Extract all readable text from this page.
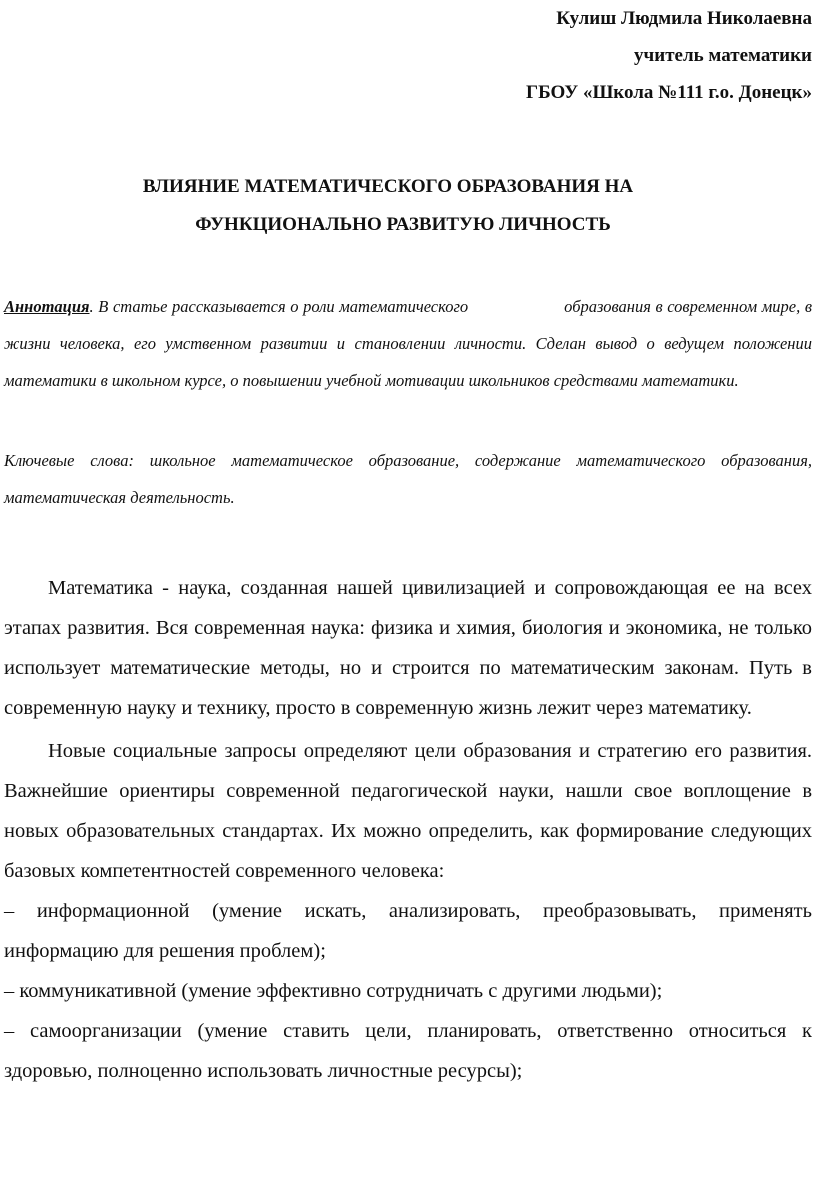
Кулиш Людмила Николаевна
учитель математики
ГБОУ «Школа №111 г.о. Донецк»
ВЛИЯНИЕ МАТЕМАТИЧЕСКОГО ОБРАЗОВАНИЯ НА
ФУНКЦИОНАЛЬНО РАЗВИТУЮ ЛИЧНОСТЬ
Аннотация. В статье рассказывается о роли математического	образования в современном мире, в жизни человека, его умственном развитии и становлении личности. Сделан вывод о ведущем положении математики в школьном курсе, о повышении учебной мотивации школьников средствами математики.
Ключевые слова: школьное математическое образование, содержание математического образования, математическая деятельность.

Математика - наука, созданная нашей цивилизацией и сопровождающая ее на всех этапах развития. Вся современная наука: физика и химия, биология и экономика, не только использует математические методы, но и строится по математическим законам. Путь в современную науку и технику, просто в современную жизнь лежит через математику.

Новые социальные запросы определяют цели образования и стратегию его развития. Важнейшие ориентиры современной педагогической науки, нашли свое воплощение в новых образовательных стандартах. Их можно определить, как формирование следующих базовых компетентностей современного человека:

– информационной (умение искать, анализировать, преобразовывать, применять информацию для решения проблем);

– коммуникативной (умение эффективно сотрудничать с другими людьми);

– самоорганизации (умение ставить цели, планировать, ответственно относиться к здоровью, полноценно использовать личностные ресурсы);
